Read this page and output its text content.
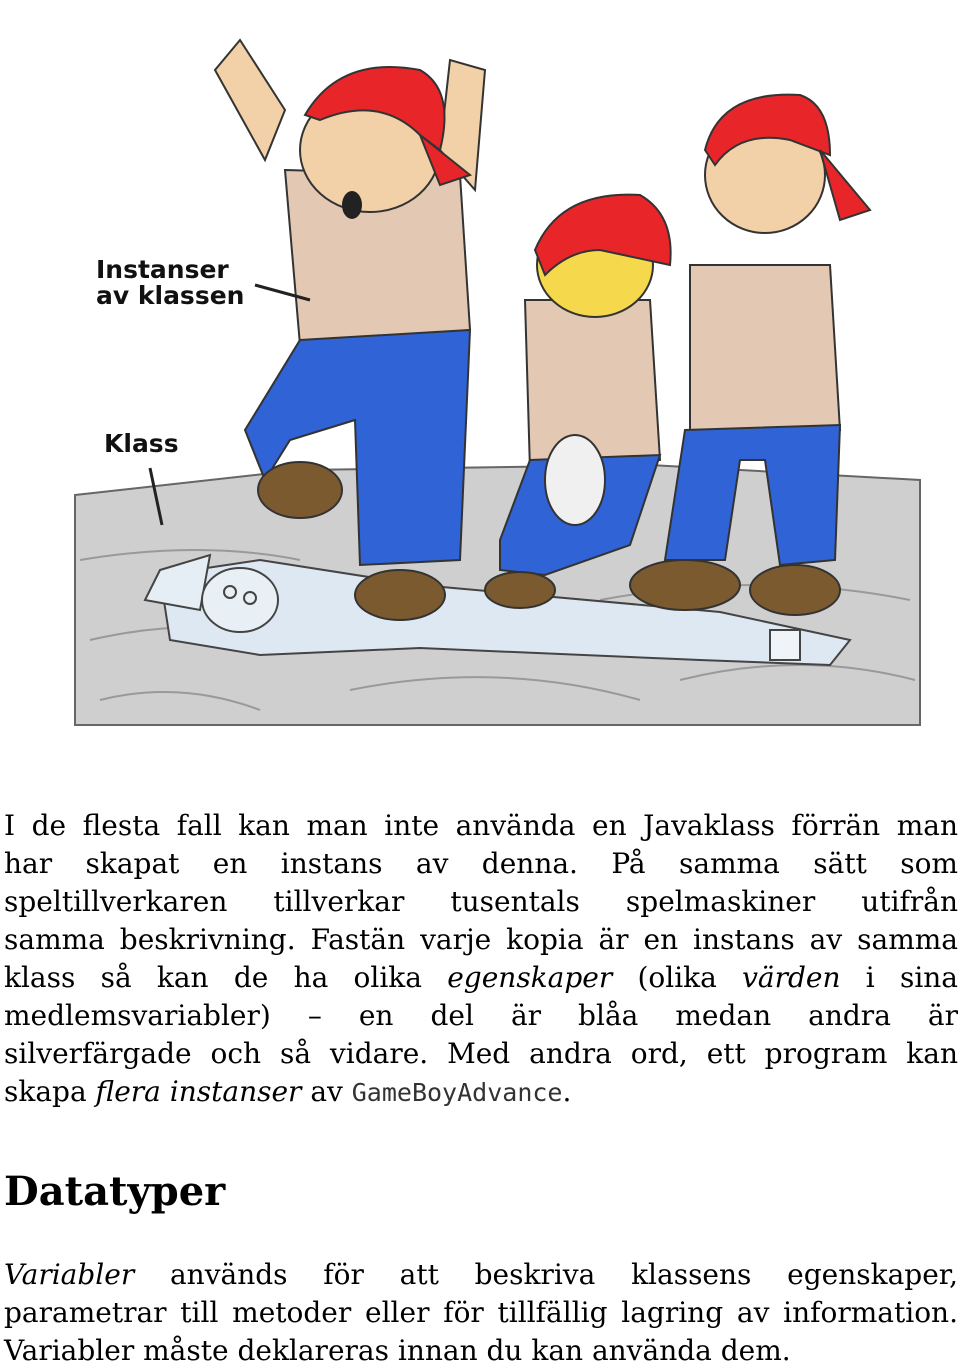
Instanser
av klassen
Klass
I de flesta fall kan man inte använda en Javaklass förrän man
har skapat en instans av denna. På samma sätt som
speltillverkaren tillverkar tusentals spelmaskiner utifrån
samma beskrivning. Fastän varje kopia är en instans av samma
klass så kan de ha olika egenskaper (olika värden i sina
medlemsvariabler) – en del är blåa medan andra är
silverfärgade och så vidare. Med andra ord, ett program kan
skapa flera instanser av GameBoyAdvance.
Datatyper
Variabler används för att beskriva klassens egenskaper,
parametrar till metoder eller för tillfällig lagring av information.
Variabler måste deklareras innan du kan använda dem.
